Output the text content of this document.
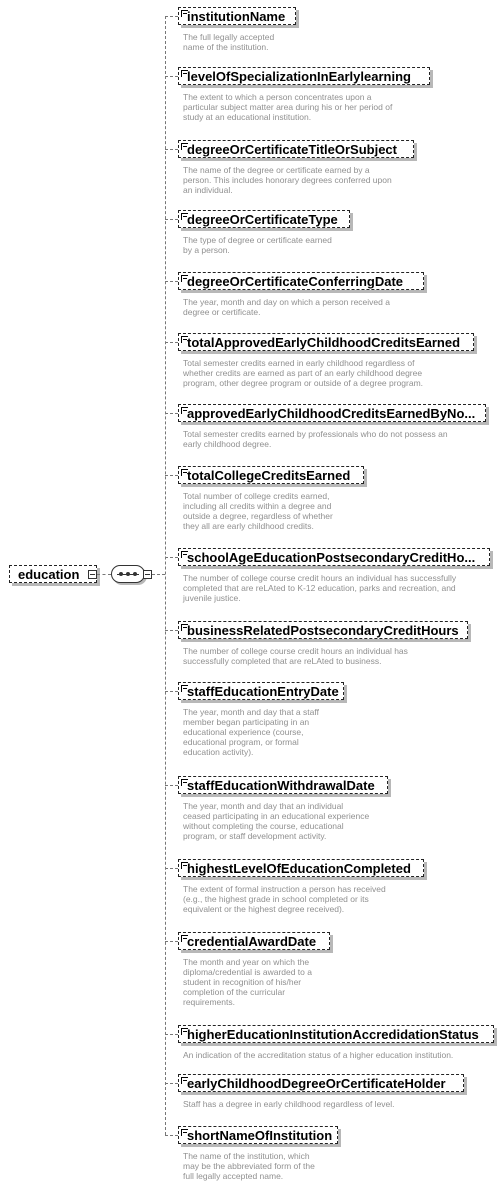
education
institutionName
The full legally accepted
name of the institution.
levelOfSpecializationInEarlylearning
The extent to which a person concentrates upon a
particular subject matter area during his or her period of
study at an educational institution.
degreeOrCertificateTitleOrSubject
The name of the degree or certificate earned by a
person. This includes honorary degrees conferred upon
an individual.
degreeOrCertificateType
The type of degree or certificate earned
by a person.
degreeOrCertificateConferringDate
The year, month and day on which a person received a
degree or certificate.
totalApprovedEarlyChildhoodCreditsEarned
Total semester credits earned in early childhood regardless of
whether credits are earned as part of an early childhood degree
program, other degree program or outside of a degree program.
approvedEarlyChildhoodCreditsEarnedByNo...
Total semester credits earned by professionals who do not possess an
early childhood degree.
totalCollegeCreditsEarned
Total number of college credits earned,
including all credits within a degree and
outside a degree, regardless of whether
they all are early childhood credits.
schoolAgeEducationPostsecondaryCreditHo...
The number of college course credit hours an individual has successfully
completed that are reLAted to K-12 education, parks and recreation, and
juvenile justice.
businessRelatedPostsecondaryCreditHours
The number of college course credit hours an individual has
successfully completed that are reLAted to business.
staffEducationEntryDate
The year, month and day that a staff
member began participating in an
educational experience (course,
educational program, or formal
education activity).
staffEducationWithdrawalDate
The year, month and day that an individual
ceased participating in an educational experience
without completing the course, educational
program, or staff development activity.
highestLevelOfEducationCompleted
The extent of formal instruction a person has received
(e.g., the highest grade in school completed or its
equivalent or the highest degree received).
credentialAwardDate
The month and year on which the
diploma/credential is awarded to a
student in recognition of his/her
completion of the curricular
requirements.
higherEducationInstitutionAccredidationStatus
An indication of the accreditation status of a higher education institution.
earlyChildhoodDegreeOrCertificateHolder
Staff has a degree in early childhood regardless of level.
shortNameOfInstitution
The name of the institution, which
may be the abbreviated form of the
full legally accepted name.
